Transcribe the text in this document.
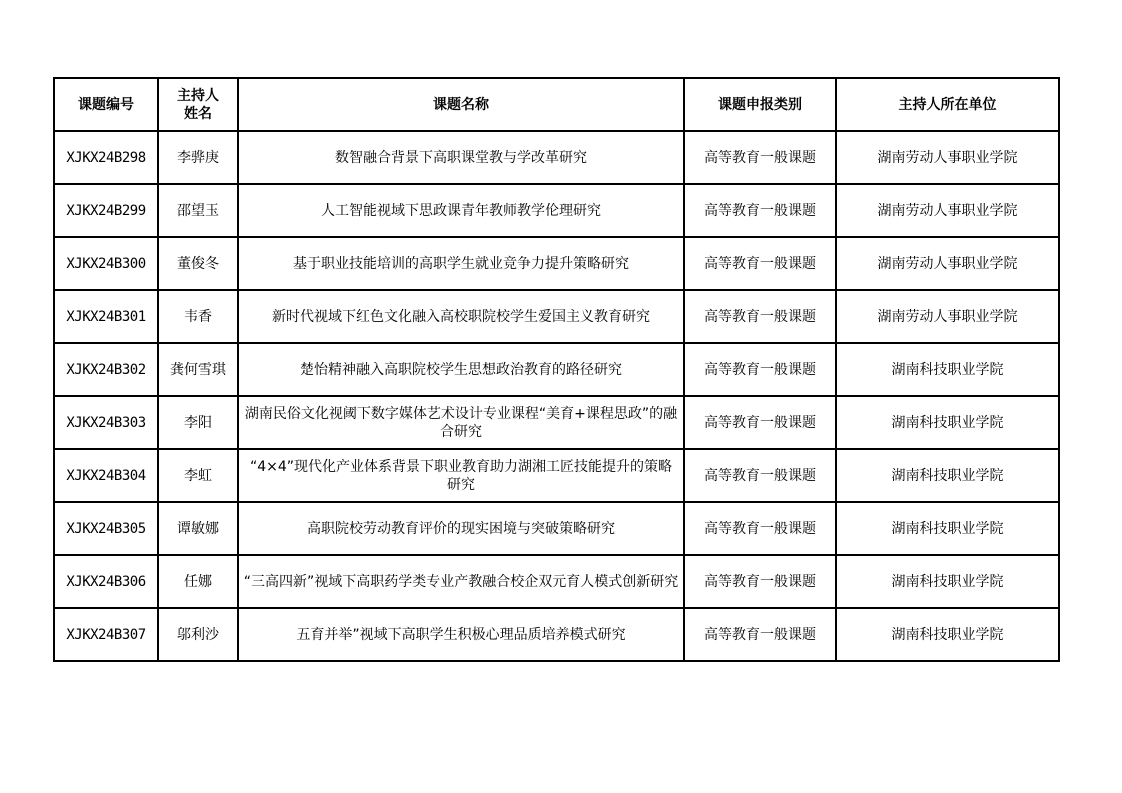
课题编号	主持人姓名	课题名称	课题申报类别	主持人所在单位
XJKX24B298	李骅庚	数智融合背景下高职课堂教与学改革研究	高等教育一般课题	湖南劳动人事职业学院
XJKX24B299	邵望玉	人工智能视域下思政课青年教师教学伦理研究	高等教育一般课题	湖南劳动人事职业学院
XJKX24B300	董俊冬	基于职业技能培训的高职学生就业竞争力提升策略研究	高等教育一般课题	湖南劳动人事职业学院
XJKX24B301	韦香	新时代视域下红色文化融入高校职院校学生爱国主义教育研究	高等教育一般课题	湖南劳动人事职业学院
XJKX24B302	龚何雪琪	楚怡精神融入高职院校学生思想政治教育的路径研究	高等教育一般课题	湖南科技职业学院
XJKX24B303	李阳	湖南民俗文化视阈下数字媒体艺术设计专业课程“美育+课程思政”的融合研究	高等教育一般课题	湖南科技职业学院
XJKX24B304	李虹	“4×4”现代化产业体系背景下职业教育助力湖湘工匠技能提升的策略研究	高等教育一般课题	湖南科技职业学院
XJKX24B305	谭敏娜	高职院校劳动教育评价的现实困境与突破策略研究	高等教育一般课题	湖南科技职业学院
XJKX24B306	任娜	“三高四新”视域下高职药学类专业产教融合校企双元育人模式创新研究	高等教育一般课题	湖南科技职业学院
XJKX24B307	邬利沙	五育并举”视域下高职学生积极心理品质培养模式研究	高等教育一般课题	湖南科技职业学院
